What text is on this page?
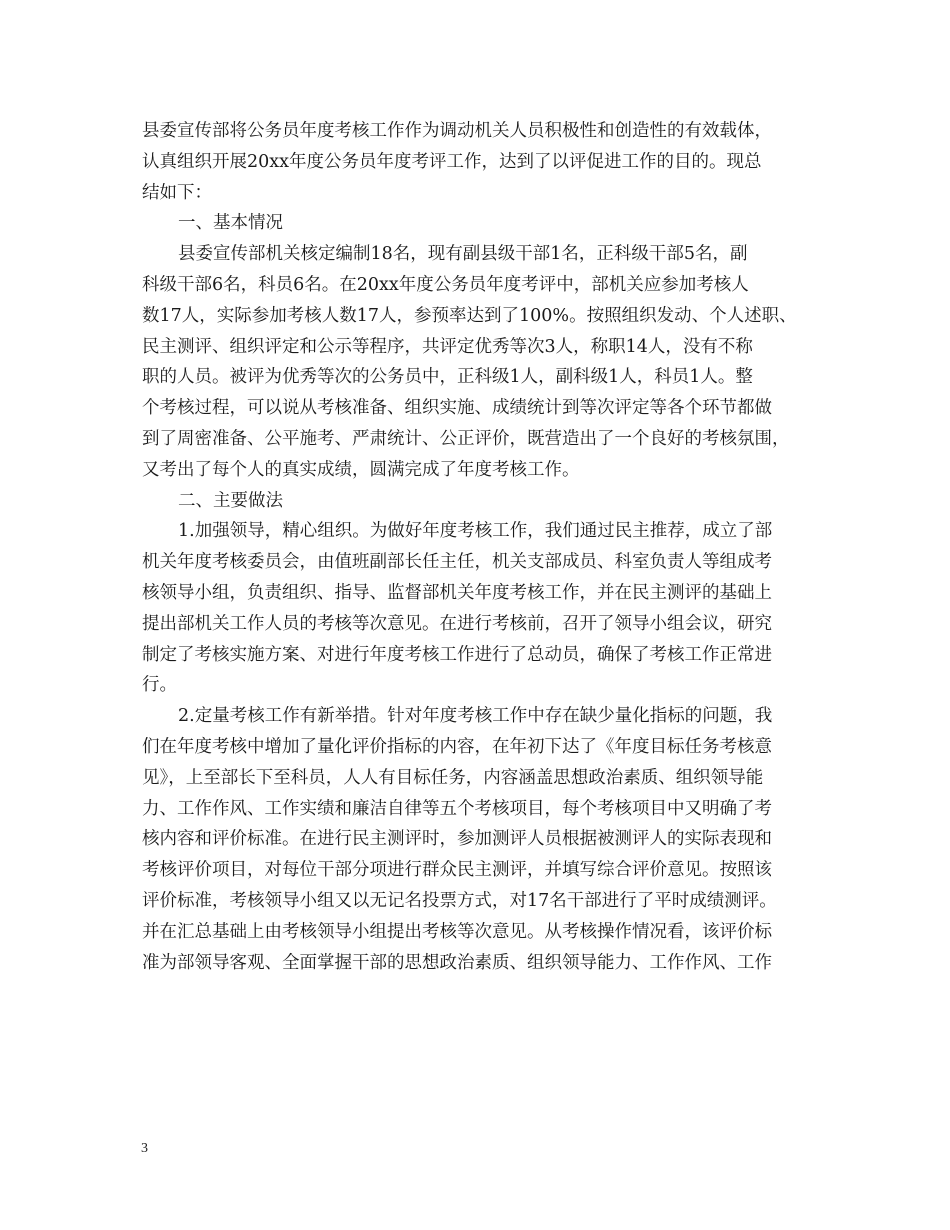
县委宣传部将公务员年度考核工作作为调动机关人员积极性和创造性的有效载体，
认真组织开展20xx年度公务员年度考评工作，达到了以评促进工作的目的。现总
结如下：
一、基本情况
县委宣传部机关核定编制18名，现有副县级干部1名，正科级干部5名，副
科级干部6名，科员6名。在20xx年度公务员年度考评中，部机关应参加考核人
数17人，实际参加考核人数17人，参预率达到了100%。按照组织发动、个人述职、
民主测评、组织评定和公示等程序，共评定优秀等次3人，称职14人，没有不称
职的人员。被评为优秀等次的公务员中，正科级1人，副科级1人，科员1人。整
个考核过程，可以说从考核准备、组织实施、成绩统计到等次评定等各个环节都做
到了周密准备、公平施考、严肃统计、公正评价，既营造出了一个良好的考核氛围，
又考出了每个人的真实成绩，圆满完成了年度考核工作。
二、主要做法
1.加强领导，精心组织。为做好年度考核工作，我们通过民主推荐，成立了部
机关年度考核委员会，由值班副部长任主任，机关支部成员、科室负责人等组成考
核领导小组，负责组织、指导、监督部机关年度考核工作，并在民主测评的基础上
提出部机关工作人员的考核等次意见。在进行考核前，召开了领导小组会议，研究
制定了考核实施方案、对进行年度考核工作进行了总动员，确保了考核工作正常进
行。
2.定量考核工作有新举措。针对年度考核工作中存在缺少量化指标的问题，我
们在年度考核中增加了量化评价指标的内容，在年初下达了《年度目标任务考核意
见》，上至部长下至科员，人人有目标任务，内容涵盖思想政治素质、组织领导能
力、工作作风、工作实绩和廉洁自律等五个考核项目，每个考核项目中又明确了考
核内容和评价标准。在进行民主测评时，参加测评人员根据被测评人的实际表现和
考核评价项目，对每位干部分项进行群众民主测评，并填写综合评价意见。按照该
评价标准，考核领导小组又以无记名投票方式，对17名干部进行了平时成绩测评。
并在汇总基础上由考核领导小组提出考核等次意见。从考核操作情况看，该评价标
准为部领导客观、全面掌握干部的思想政治素质、组织领导能力、工作作风、工作
3
